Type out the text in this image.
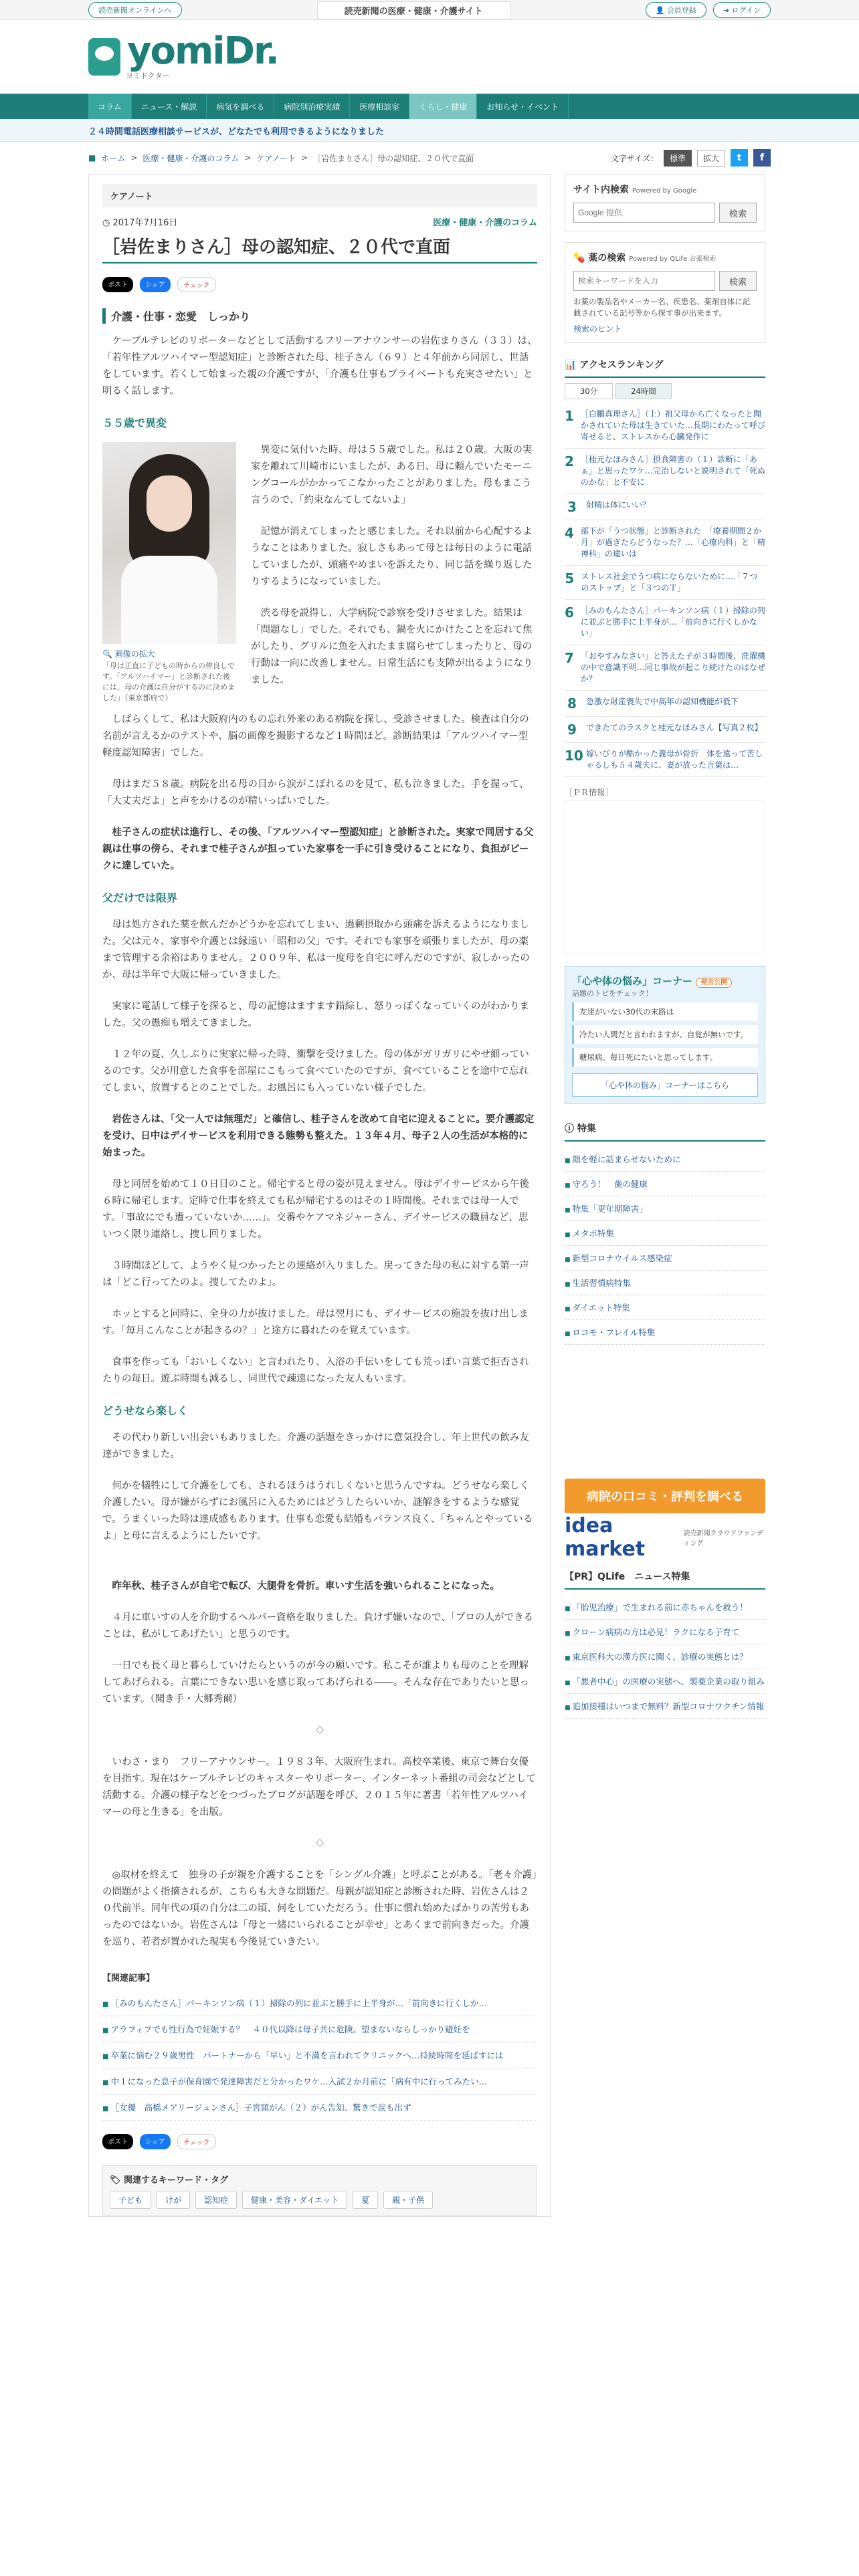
読売新聞オンラインへ	読売新聞の医療・健康・介護サイト	👤 会員登録	➜ ログイン
yomiDr.
ヨミドクター
コラム	ニュース・解説	病気を調べる	病院別治療実績	医療相談室	くらし・健康	お知らせ・イベント
２４時間電話医療相談サービスが、どなたでも利用できるようになりました
■ ホーム > 医療・健康・介護のコラム > ケアノート > ［岩佐まりさん］母の認知症、２０代で直面	文字サイズ：	標準	拡大	t	f
ケアノート
◷ 2017年7月16日	医療・健康・介護のコラム
［岩佐まりさん］母の認知症、２０代で直面
ポスト	シェア	チェック
介護・仕事・恋愛　しっかり

ケーブルテレビのリポーターなどとして活動するフリーアナウンサーの岩佐まりさん（３３）は、「若年性アルツハイマー型認知症」と診断された母、桂子さん（６９）と４年前から同居し、世話をしています。若くして始まった親の介護ですが、「介護も仕事もプライベートも充実させたい」と明るく話します。

５５歳で異変
🔍 画像の拡大
「母は正直に子どもの時からの仲良しです。「アルツハイマー」と診断された後には、母の介護は自分がするのに決めました」（東京都府で）

異変に気付いた時、母は５５歳でした。私は２０歳。大阪の実家を離れて川崎市にいましたが、ある日、母に頼んでいたモーニングコールがかかってこなかったことがありました。母もまこう言うので、「約束なんてしてないよ」

記憶が消えてしまったと感じました。それ以前から心配するようなことはありました。寂しさもあって母とは毎日のように電話していましたが、頭痛やめまいを訴えたり、同じ話を繰り返したりするようになっていました。

渋る母を説得し、大学病院で診察を受けさせました。結果は「問題なし」でした。それでも、鍋を火にかけたことを忘れて焦がしたり、グリルに魚を入れたまま腐らせてしまったりと、母の行動は一向に改善しません。日常生活にも支障が出るようになりました。

しばらくして、私は大阪府内のもの忘れ外来のある病院を探し、受診させました。検査は自分の名前が言えるかのテストや、脳の画像を撮影するなど１時間ほど。診断結果は「アルツハイマー型軽度認知障害」でした。

母はまだ５８歳。病院を出る母の目から涙がこぼれるのを見て、私も泣きました。手を握って、「大丈夫だよ」と声をかけるのが精いっぱいでした。

桂子さんの症状は進行し、その後、「アルツハイマー型認知症」と診断された。実家で同居する父親は仕事の傍ら、それまで桂子さんが担っていた家事を一手に引き受けることになり、負担がピークに達していた。

父だけでは限界

母は処方された薬を飲んだかどうかを忘れてしまい、過剰摂取から頭痛を訴えるようになりました。父は元々、家事や介護とは縁遠い「昭和の父」です。それでも家事を頑張りましたが、母の薬まで管理する余裕はありません。２００９年、私は一度母を自宅に呼んだのですが、寂しかったのか、母は半年で大阪に帰っていきました。

実家に電話して様子を探ると、母の記憶はますます錯綜し、怒りっぽくなっていくのがわかりました。父の愚痴も増えてきました。

１２年の夏、久しぶりに実家に帰った時、衝撃を受けました。母の体がガリガリにやせ細っているのです。父が用意した食事を部屋にこもって食べていたのですが、食べていることを途中で忘れてしまい、放置するとのことでした。お風呂にも入っていない様子でした。

岩佐さんは、「父一人では無理だ」と確信し、桂子さんを改めて自宅に迎えることに。要介護認定を受け、日中はデイサービスを利用できる態勢も整えた。１３年４月、母子２人の生活が本格的に始まった。

母と同居を始めて１０日目のこと。帰宅すると母の姿が見えません。母はデイサービスから午後６時に帰宅します。定時で仕事を終えても私が帰宅するのはその１時間後。それまでは母一人です。「事故にでも遭っていないか……」。交番やケアマネジャーさん、デイサービスの職員など、思いつく限り連絡し、捜し回りました。

３時間ほどして、ようやく見つかったとの連絡が入りました。戻ってきた母の私に対する第一声は「どこ行ってたのよ。捜してたのよ」。

ホッとすると同時に、全身の力が抜けました。母は翌月にも、デイサービスの施設を抜け出します。「毎月こんなことが起きるの？」と途方に暮れたのを覚えています。

食事を作っても「おいしくない」と言われたり、入浴の手伝いをしても荒っぽい言葉で拒否されたりの毎日。遊ぶ時間も減るし、同世代で疎遠になった友人もいます。

どうせなら楽しく

その代わり新しい出会いもありました。介護の話題をきっかけに意気投合し、年上世代の飲み友達ができました。

何かを犠牲にして介護をしても、されるほうはうれしくないと思うんですね。どうせなら楽しく介護したい。母が嫌がらずにお風呂に入るためにはどうしたらいいか、謎解きをするような感覚で。うまくいった時は達成感もあります。仕事も恋愛も結婚もバランス良く、「ちゃんとやっているよ」と母に言えるようにしたいです。

昨年秋、桂子さんが自宅で転び、大腿骨を骨折。車いす生活を強いられることになった。

４月に車いすの人を介助するヘルパー資格を取りました。負けず嫌いなので、「プロの人ができることは、私がしてあげたい」と思うのです。

一日でも長く母と暮らしていけたらというのが今の願いです。私こそが誰よりも母のことを理解してあげられる。言葉にできない思いを感じ取ってあげられる――。そんな存在でありたいと思っています。（聞き手・大郷秀爾）

◇

いわさ・まり　フリーアナウンサー。１９８３年、大阪府生まれ。高校卒業後、東京で舞台女優を目指す。現在はケーブルテレビのキャスターやリポーター、インターネット番組の司会などとして活動する。介護の様子などをつづったブログが話題を呼び、２０１５年に著書「若年性アルツハイマーの母と生きる」を出版。

◇

◎取材を終えて　独身の子が親を介護することを「シングル介護」と呼ぶことがある。「老々介護」の問題がよく指摘されるが、こちらも大きな問題だ。母親が認知症と診断された時、岩佐さんは２０代前半。同年代の項の自分は二の頃、何をしていただろう。仕事に慣れ始めたばかりの苦労もあったのではないか。岩佐さんは「母と一緒にいられることが幸せ」とあくまで前向きだった。介護を巡り、若者が置かれた現実も今後見ていきたい。

【関連記事】
■ ［みのもんたさん］パーキンソン病（１）掃除の列に並ぶと勝手に上半身が…「前向きに行くしか…
■ アラフィフでも性行為で妊娠する？　４０代以降は母子共に危険。望まないならしっかり避妊を
■ 卒業に悩む２９歳男性　パートナーから「早い」と不満を言われてクリニックへ…持続時間を延ばすには
■ 中１になった息子が保育園で発達障害だと分かったワケ…入試２か月前に「病有中に行ってみたい…
■ ［女優　高橋メアリージュンさん］子宮頸がん（２）がん告知、驚きで涙も出ず
ポスト	シェア	チェック
🏷 関連するキーワード・タグ
子ども	けが	認知症	健康・美容・ダイエット	夏	親・子供
サイト内検索 Powered by Google
Google 提供
検索
💊 薬の検索 Powered by QLife お薬検索
検索キーワードを入力
検索
お薬の製品名やメーカー名、疾患名、薬剤自体に記載されている記号等から探す事が出来ます。
検索のヒント
📊 アクセスランキング
30分	24時間
1 ［白鵬真理さん］（上）祖父母から亡くなったと聞かされていた母は生きていた…長期にわたって呼び寄せると、ストレスから心臓発作に
2 ［桂元なほみさん］摂食障害の（１）診断に「あぁ」と思ったワケ…完治しないと説明されて「死ぬのかな」と不安に
3	射精は体にいい？
4 部下が「うつ状態」と診断された　「療養期間２か月」が過ぎたらどうなった？…「心療内科」と「精神科」の違いは
5 ストレス社会でうつ病にならないために…「７つのストップ」と「３つのＴ」
6 ［みのもんたさん］パーキンソン病（１）掃除の列に並ぶと勝手に上半身が…「前向きに行くしかない」
7 「おやすみなさい」と答えた子が３時間後、洗濯機の中で意識不明…同じ事故が起こり続けたのはなぜか？
8	急激な財産喪失で中高年の認知機能が低下
9	できたてのラスクと桂元なほみさん【写真２枚】
10 嫁いびりが酷かった義母が骨折　体を遠って苦しゃるしも５４歳夫に、妻が放った言葉は…
［ＰＲ情報］
「心や体の悩み」コーナー 発言公開
話題のトピをチェック！
友達がいない30代の末路は
冷たい人間だと言われますが、自覚が無いです。
糖尿病、毎日死にたいと思ってします。
「心や体の悩み」コーナーはこちら
ⓘ 特集
■ 顔を軽に話まらせないために
■ 守ろう！　歯の健康
■ 特集「更年期障害」
■ メタボ特集
■ 新型コロナウイルス感染症
■ 生活習慣病特集
■ ダイエット特集
■ ロコモ・フレイル特集
病院の口コミ・評判を調べる
idea market
読売新聞クラウドファンディング
【PR】QLife　ニュース特集
■ 「胎児治療」で生まれる前に赤ちゃんを救う！
■ クローン病病の方は必見！ラクになる子育て
■ 東京医科大の漢方医に聞く、診療の実態とは？
■ 「悪者中心」の医療の実態へ、製薬企業の取り組み
■ 追加接種はいつまで無料？新型コロナワクチン情報
